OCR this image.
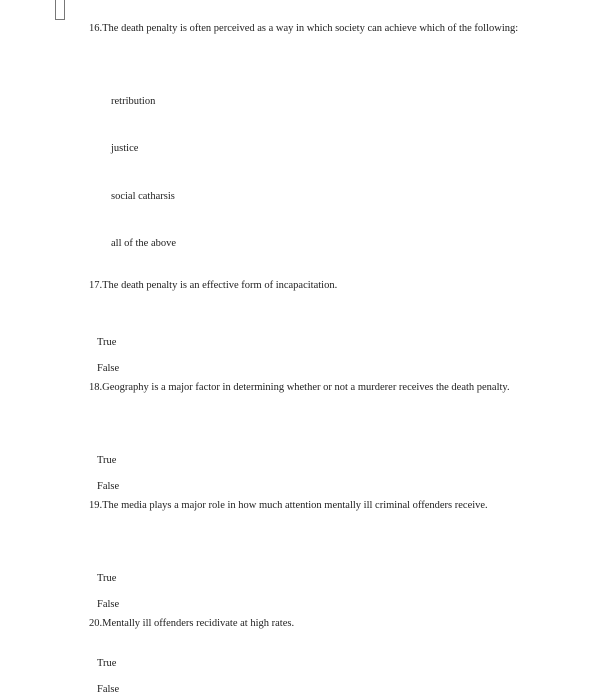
16.The death penalty is often perceived as a way in which society can achieve which of the following:
retribution
justice
social catharsis
all of the above
17.The death penalty is an effective form of incapacitation.
True
False
18.Geography is a major factor in determining whether or not a murderer receives the death penalty.
True
False
19.The media plays a major role in how much attention mentally ill criminal offenders receive.
True
False
20.Mentally ill offenders recidivate at high rates.
True
False
